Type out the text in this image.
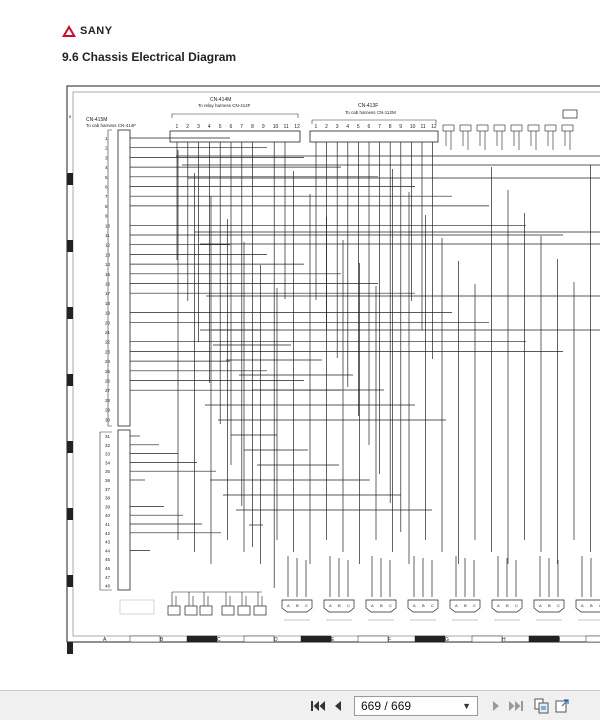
SANY
9.6 Chassis Electrical Diagram
8
7
6
5
4
3
2
1
A	B	C	D	E	F	G	H	I
CN-415M
To cab harness CN-414F
CN-414M
To relay harness CN-414F	CN-413F
To cab harness CN-112M
1 2 3 4 5 6 7 8 9 10 11 12	1 2 3 4 5 6 7 8 9 10 11 12
1
2
3
4
5
6
7
8
9
10
11
12
13
14
15
16
17
18
19
20
21
22
23
24
25
26
27
28
29
30
31
32
33
34
35
36
37
38
39
40
41
42
43
44
45
46
47
48
A B C	A B C	A B C	A B C	A B C	A B C	A B C	A B
669 / 669
▼
